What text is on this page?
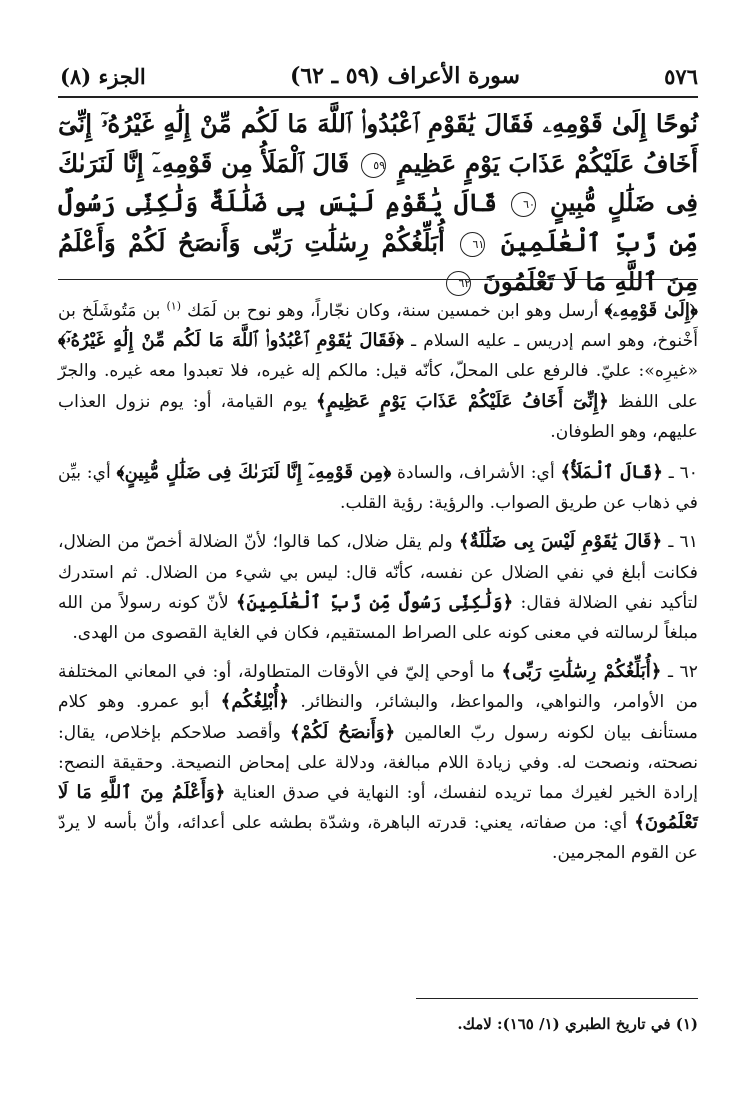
٥٧٦
سورة الأعراف (٥٩ ـ ٦٢)
الجزء (٨)
نُوحًا إِلَىٰ قَوْمِهِۦ فَقَالَ يَٰقَوْمِ ٱعْبُدُوا۟ ٱللَّهَ مَا لَكُم مِّنْ إِلَٰهٍ غَيْرُهُۥٓ إِنِّىٓ أَخَافُ عَلَيْكُمْ عَذَابَ يَوْمٍ عَظِيمٍ ٥٩ قَالَ ٱلْمَلَأُ مِن قَوْمِهِۦٓ إِنَّا لَنَرَىٰكَ فِى ضَلَٰلٍ مُّبِينٍ ٦٠ قَالَ يَٰقَوْمِ لَيْسَ بِى ضَلَٰلَةٌ وَلَٰكِنِّى رَسُولٌ مِّن رَّبِّ ٱلْعَٰلَمِينَ ٦١ أُبَلِّغُكُمْ رِسَٰلَٰتِ رَبِّى وَأَنصَحُ لَكُمْ وَأَعْلَمُ مِنَ ٱللَّهِ مَا لَا تَعْلَمُونَ ٦٢

﴿إِلَىٰ قَوْمِهِۦ﴾ أرسل وهو ابن خمسين سنة، وكان نجّاراً، وهو نوح بن لَمَك $^{(١)}$ بن مَتُوشَلَخ بن أَخْنوخ، وهو اسم إدريس ـ عليه السلام ـ ﴿فَقَالَ يَٰقَوْمِ ٱعْبُدُوا۟ ٱللَّهَ مَا لَكُم مِّنْ إِلَٰهٍ غَيْرُهُۥٓ﴾ «غيرِه»: عليّ. فالرفع على المحلّ، كأنّه قيل: مالكم إله غيره، فلا تعبدوا معه غيره. والجرّ على اللفظ ﴿إِنِّىٓ أَخَافُ عَلَيْكُمْ عَذَابَ يَوْمٍ عَظِيمٍ﴾ يوم القيامة، أو: يوم نزول العذاب عليهم، وهو الطوفان.

٦٠ ـ ﴿قَالَ ٱلْمَلَأُ﴾ أي: الأشراف، والسادة ﴿مِن قَوْمِهِۦٓ إِنَّا لَنَرَىٰكَ فِى ضَلَٰلٍ مُّبِينٍ﴾ أي: بيِّن في ذهاب عن طريق الصواب. والرؤية: رؤية القلب.

٦١ ـ ﴿قَالَ يَٰقَوْمِ لَيْسَ بِى ضَلَٰلَةٌ﴾ ولم يقل ضلال، كما قالوا؛ لأنّ الضلالة أخصّ من الضلال، فكانت أبلغ في نفي الضلال عن نفسه، كأنّه قال: ليس بي شيء من الضلال. ثم استدرك لتأكيد نفي الضلالة فقال: ﴿وَلَٰكِنِّى رَسُولٌ مِّن رَّبِّ ٱلْعَٰلَمِينَ﴾ لأنّ كونه رسولاً من الله مبلغاً لرسالته في معنى كونه على الصراط المستقيم، فكان في الغاية القصوى من الهدى.

٦٢ ـ ﴿أُبَلِّغُكُمْ رِسَٰلَٰتِ رَبِّى﴾ ما أوحي إليّ في الأوقات المتطاولة، أو: في المعاني المختلفة من الأوامر، والنواهي، والمواعظ، والبشائر، والنظائر. ﴿أُبْلِغُكُم﴾ أبو عمرو. وهو كلام مستأنف بيان لكونه رسول ربّ العالمين ﴿وَأَنصَحُ لَكُمْ﴾ وأقصد صلاحكم بإخلاص، يقال: نصحته، ونصحت له. وفي زيادة اللام مبالغة، ودلالة على إمحاض النصيحة. وحقيقة النصح: إرادة الخير لغيرك مما تريده لنفسك، أو: النهاية في صدق العناية ﴿وَأَعْلَمُ مِنَ ٱللَّهِ مَا لَا تَعْلَمُونَ﴾ أي: من صفاته، يعني: قدرته الباهرة، وشدّة بطشه على أعدائه، وأنّ بأسه لا يردّ عن القوم المجرمين.

(١) في تاريخ الطبري (١/ ١٦٥): لامك.
